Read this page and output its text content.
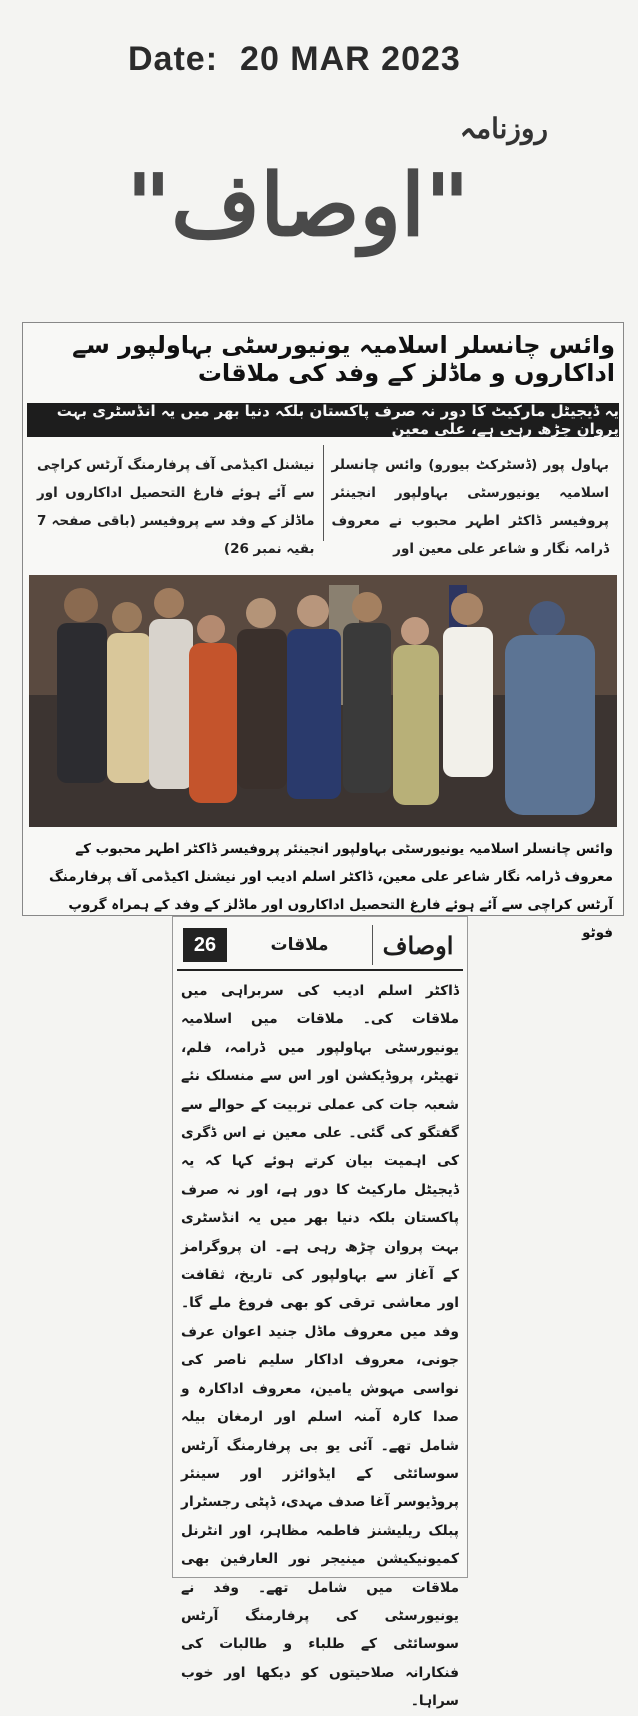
Date: 20 MAR 2023
روزنامہ
"اوصاف"
وائس چانسلر اسلامیہ یونیورسٹی بہاولپور سے اداکاروں و ماڈلز کے وفد کی ملاقات
یہ ڈیجیٹل مارکیٹ کا دور نہ صرف پاکستان بلکہ دنیا بھر میں یہ انڈسٹری بہت پروان چڑھ رہی ہے، علی معین
بہاول پور (ڈسٹرکٹ بیورو) وائس چانسلر اسلامیہ یونیورسٹی بہاولپور انجینئر پروفیسر ڈاکٹر اطہر محبوب نے معروف ڈرامہ نگار و شاعر علی معین اور
نیشنل اکیڈمی آف پرفارمنگ آرٹس کراچی سے آئے ہوئے فارغ التحصیل اداکاروں اور ماڈلز کے وفد سے پروفیسر (باقی صفحہ 7 بقیہ نمبر 26)
وائس چانسلر اسلامیہ یونیورسٹی بہاولپور انجینئر پروفیسر ڈاکٹر اطہر محبوب کے معروف ڈرامہ نگار شاعر علی معین، ڈاکٹر اسلم ادیب اور نیشنل اکیڈمی آف پرفارمنگ آرٹس کراچی سے آئے ہوئے فارغ التحصیل اداکاروں اور ماڈلز کے وفد کے ہمراہ گروپ فوٹو
26	ملاقات	اوصاف
ڈاکٹر اسلم ادیب کی سربراہی میں ملاقات کی۔ ملاقات میں اسلامیہ یونیورسٹی بہاولپور میں ڈرامہ، فلم، تھیٹر، پروڈیکشن اور اس سے منسلک نئے شعبہ جات کی عملی تربیت کے حوالے سے گفتگو کی گئی۔ علی معین نے اس ڈگری کی اہمیت بیان کرتے ہوئے کہا کہ یہ ڈیجیٹل مارکیٹ کا دور ہے، اور نہ صرف پاکستان بلکہ دنیا بھر میں یہ انڈسٹری بہت پروان چڑھ رہی ہے۔ ان پروگرامز کے آغاز سے بہاولپور کی تاریخ، ثقافت اور معاشی ترقی کو بھی فروغ ملے گا۔ وفد میں معروف ماڈل جنید اعوان عرف جونی، معروف اداکار سلیم ناصر کی نواسی مہوش یامین، معروف اداکارہ و صدا کارہ آمنہ اسلم اور ارمغان بیلہ شامل تھے۔ آئی یو بی پرفارمنگ آرٹس سوسائٹی کے ایڈوائزر اور سینئر پروڈیوسر آغا صدف مہدی، ڈپٹی رجسٹرار پبلک ریلیشنز فاطمہ مظاہر، اور انٹرنل کمیونیکیشن مینیجر نور العارفین بھی ملاقات میں شامل تھے۔ وفد نے یونیورسٹی کی پرفارمنگ آرٹس سوسائٹی کے طلباء و طالبات کی فنکارانہ صلاحیتوں کو دیکھا اور خوب سراہا۔
